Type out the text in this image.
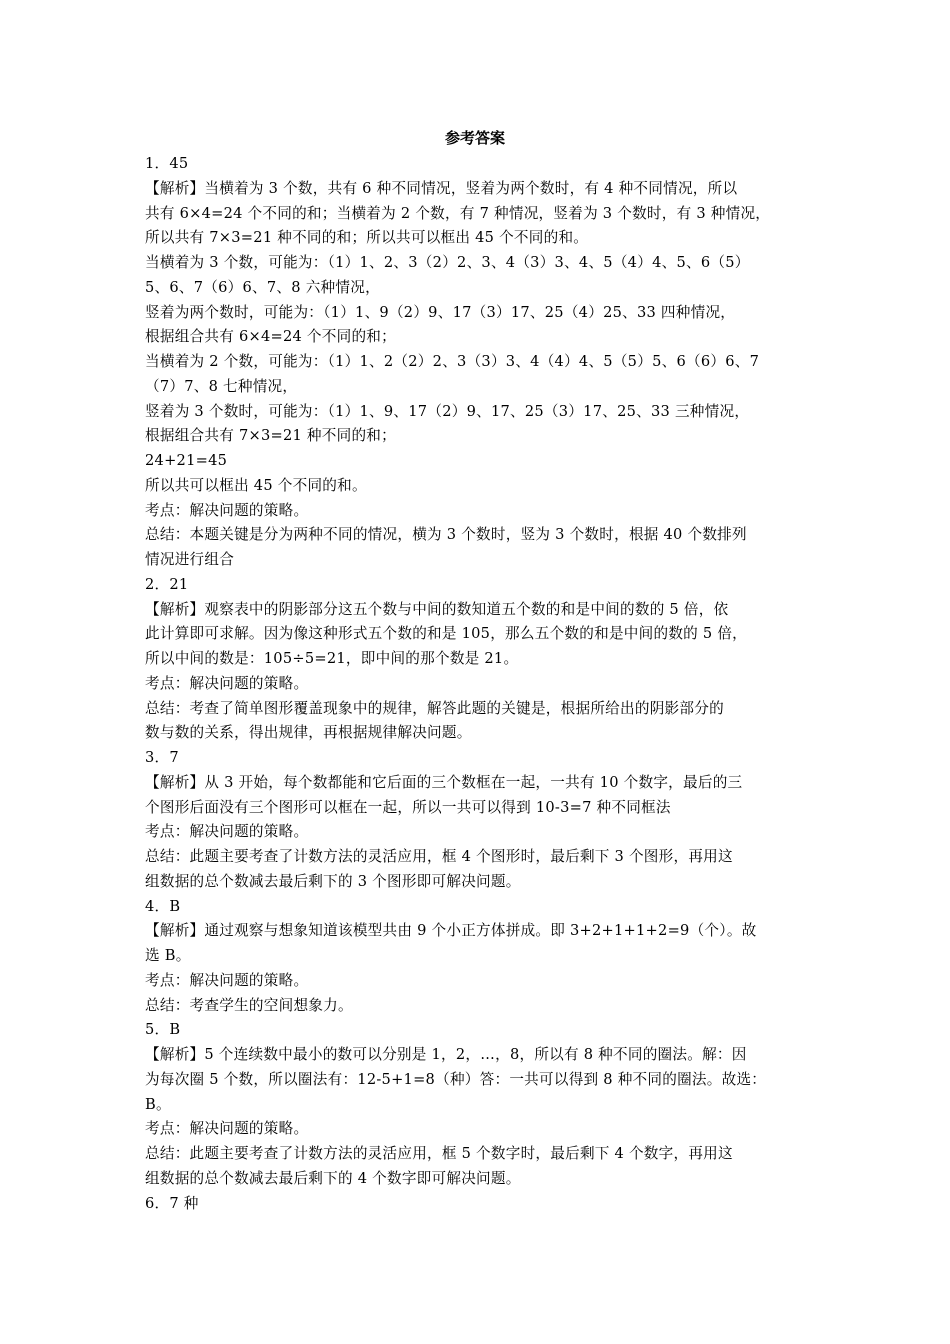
参考答案
1．45
【解析】当横着为 3 个数，共有 6 种不同情况，竖着为两个数时，有 4 种不同情况，所以
共有 6×4=24 个不同的和；当横着为 2 个数，有 7 种情况，竖着为 3 个数时，有 3 种情况，
所以共有 7×3=21 种不同的和；所以共可以框出 45 个不同的和。
当横着为 3 个数，可能为：（1）1、2、3（2）2、3、4（3）3、4、5（4）4、5、6（5）
5、6、7（6）6、7、8 六种情况，
竖着为两个数时，可能为：（1）1、9（2）9、17（3）17、25（4）25、33 四种情况，
根据组合共有 6×4=24 个不同的和；
当横着为 2 个数，可能为：（1）1、2（2）2、3（3）3、4（4）4、5（5）5、6（6）6、7
（7）7、8 七种情况，
竖着为 3 个数时，可能为：（1）1、9、17（2）9、17、25（3）17、25、33 三种情况，
根据组合共有 7×3=21 种不同的和；
24+21=45
所以共可以框出 45 个不同的和。
考点：解决问题的策略。
总结：本题关键是分为两种不同的情况，横为 3 个数时，竖为 3 个数时，根据 40 个数排列
情况进行组合
2．21
【解析】观察表中的阴影部分这五个数与中间的数知道五个数的和是中间的数的 5 倍，依
此计算即可求解。因为像这种形式五个数的和是 105，那么五个数的和是中间的数的 5 倍，
所以中间的数是：105÷5=21，即中间的那个数是 21。
考点：解决问题的策略。
总结：考查了简单图形覆盖现象中的规律，解答此题的关键是，根据所给出的阴影部分的
数与数的关系，得出规律，再根据规律解决问题。
3．7
【解析】从 3 开始，每个数都能和它后面的三个数框在一起，一共有 10 个数字，最后的三
个图形后面没有三个图形可以框在一起，所以一共可以得到 10-3=7 种不同框法
考点：解决问题的策略。
总结：此题主要考查了计数方法的灵活应用，框 4 个图形时，最后剩下 3 个图形，再用这
组数据的总个数减去最后剩下的 3 个图形即可解决问题。
4．B
【解析】通过观察与想象知道该模型共由 9 个小正方体拼成。即 3+2+1+1+2=9（个）。故
选 B。
考点：解决问题的策略。
总结：考查学生的空间想象力。
5．B
【解析】5 个连续数中最小的数可以分别是 1，2，…，8，所以有 8 种不同的圈法。解：因
为每次圈 5 个数，所以圈法有：12-5+1=8（种）答：一共可以得到 8 种不同的圈法。故选：
B。
考点：解决问题的策略。
总结：此题主要考查了计数方法的灵活应用，框 5 个数字时，最后剩下 4 个数字，再用这
组数据的总个数减去最后剩下的 4 个数字即可解决问题。
6．7 种
